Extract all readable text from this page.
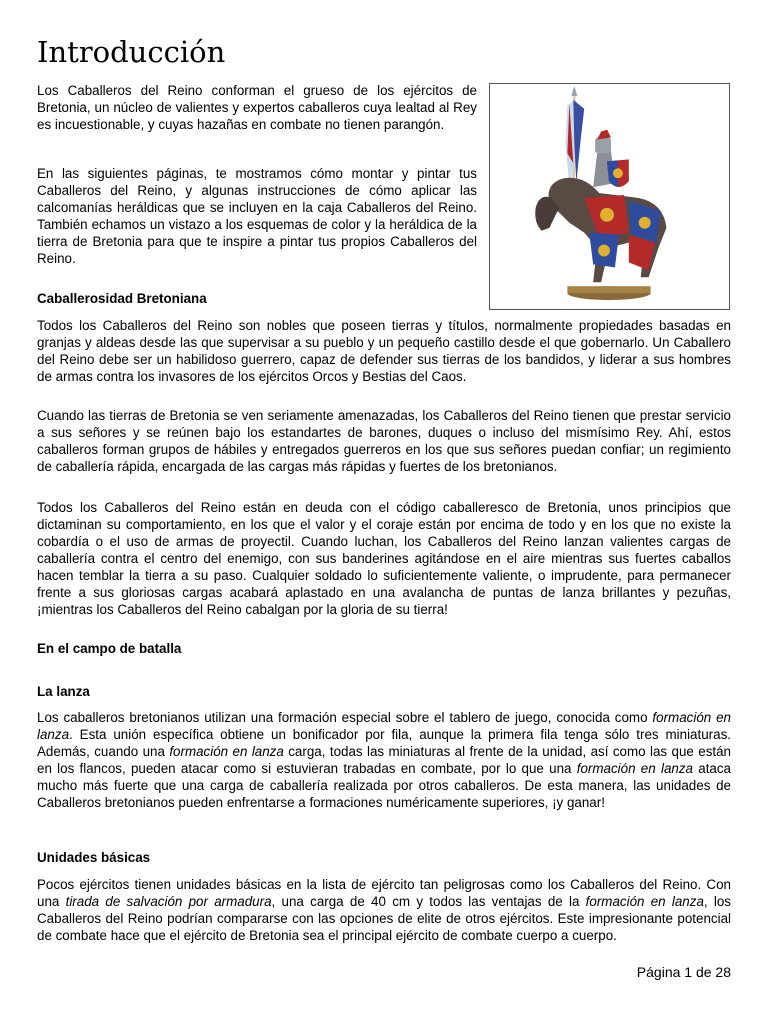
Introducción

Los Caballeros del Reino conforman el grueso de los ejércitos de Bretonia, un núcleo de valientes y expertos caballeros cuya lealtad al Rey es incuestionable, y cuyas hazañas en combate no tienen parangón.

En las siguientes páginas, te mostramos cómo montar y pintar tus Caballeros del Reino, y algunas instrucciones de cómo aplicar las calcomanías heráldicas que se incluyen en la caja Caballeros del Reino. También echamos un vistazo a los esquemas de color y la heráldica de la tierra de Bretonia para que te inspire a pintar tus propios Caballeros del Reino.

Caballerosidad Bretoniana

Todos los Caballeros del Reino son nobles que poseen tierras y títulos, normalmente propiedades basadas en granjas y aldeas desde las que supervisar a su pueblo y un pequeño castillo desde el que gobernarlo. Un Caballero del Reino debe ser un habilidoso guerrero, capaz de defender sus tierras de los bandidos, y liderar a sus hombres de armas contra los invasores de los ejércitos Orcos y Bestias del Caos.

Cuando las tierras de Bretonia se ven seriamente amenazadas, los Caballeros del Reino tienen que prestar servicio a sus señores y se reúnen bajo los estandartes de barones, duques o incluso del mismísimo Rey. Ahí, estos caballeros forman grupos de hábiles y entregados guerreros en los que sus señores puedan confiar; un regimiento de caballería rápida, encargada de las cargas más rápidas y fuertes de los bretonianos.

Todos los Caballeros del Reino están en deuda con el código caballeresco de Bretonia, unos principios que dictaminan su comportamiento, en los que el valor y el coraje están por encima de todo y en los que no existe la cobardía o el uso de armas de proyectil. Cuando luchan, los Caballeros del Reino lanzan valientes cargas de caballería contra el centro del enemigo, con sus banderines agitándose en el aire mientras sus fuertes caballos hacen temblar la tierra a su paso. Cualquier soldado lo suficientemente valiente, o imprudente, para permanecer frente a sus gloriosas cargas acabará aplastado en una avalancha de puntas de lanza brillantes y pezuñas, ¡mientras los Caballeros del Reino cabalgan por la gloria de su tierra!

En el campo de batalla
La lanza

Los caballeros bretonianos utilizan una formación especial sobre el tablero de juego, conocida como formación en lanza. Esta unión específica obtiene un bonificador por fila, aunque la primera fila tenga sólo tres miniaturas. Además, cuando una formación en lanza carga, todas las miniaturas al frente de la unidad, así como las que están en los flancos, pueden atacar como si estuvieran trabadas en combate, por lo que una formación en lanza ataca mucho más fuerte que una carga de caballería realizada por otros caballeros. De esta manera, las unidades de Caballeros bretonianos pueden enfrentarse a formaciones numéricamente superiores, ¡y ganar!

Unidades básicas

Pocos ejércitos tienen unidades básicas en la lista de ejército tan peligrosas como los Caballeros del Reino. Con una tirada de salvación por armadura, una carga de 40 cm y todos las ventajas de la formación en lanza, los Caballeros del Reino podrían compararse con las opciones de elite de otros ejércitos. Este impresionante potencial de combate hace que el ejército de Bretonia sea el principal ejército de combate cuerpo a cuerpo.

Página 1 de 28
